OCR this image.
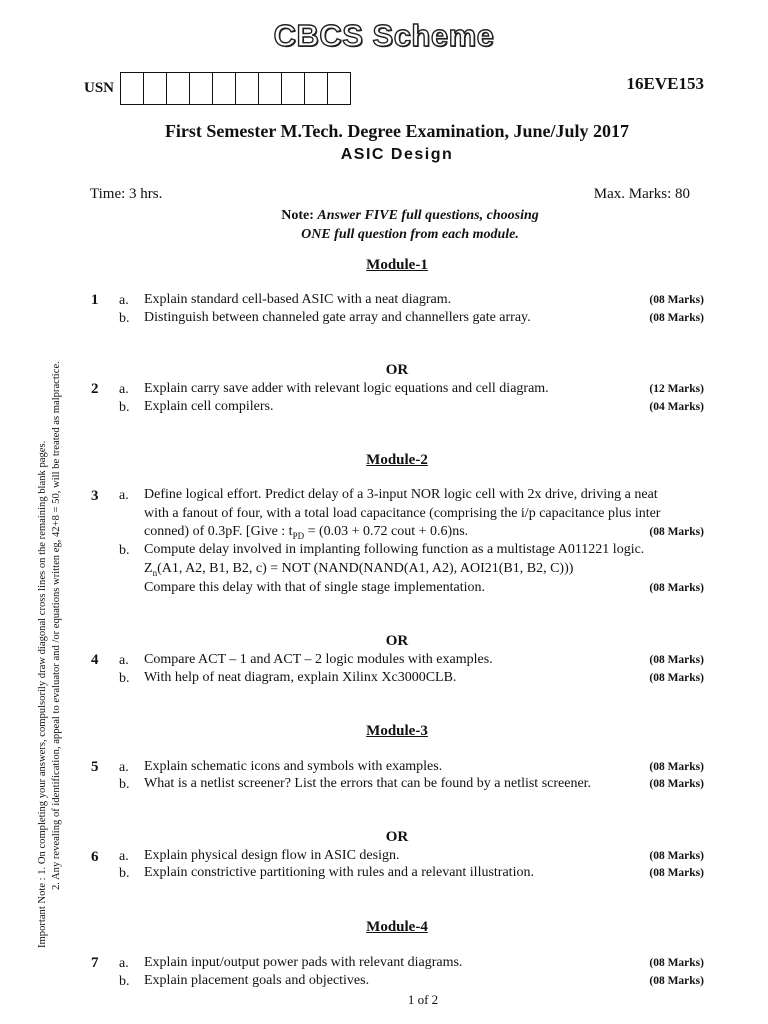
CBCS Scheme
USN	16EVE153
First Semester M.Tech. Degree Examination, June/July 2017
ASIC Design
Time: 3 hrs.	Max. Marks: 80
Note: Answer FIVE full questions, choosing
ONE full question from each module.
Important Note : 1. On completing your answers, compulsorily draw diagonal cross lines on the remaining blank pages. 2. Any revealing of identification, appeal to evaluator and /or equations written eg, 42+8 = 50, will be treated as malpractice.
Module-1
1 a. Explain standard cell-based ASIC with a neat diagram.	(08 Marks)
b. Distinguish between channeled gate array and channellers gate array.	(08 Marks)
OR
2 a. Explain carry save adder with relevant logic equations and cell diagram.	(12 Marks)
b. Explain cell compilers.	(04 Marks)
Module-2
3 a. Define logical effort. Predict delay of a 3-input NOR logic cell with 2x drive, driving a neat
with a fanout of four, with a total load capacitance (comprising the i/p capacitance plus inter
conned) of 0.3pF. [Give : $t_{PD} = (0.03 + 0.72$ cout + 0.6)ns.	(08 Marks)
b. Compute delay involved in implanting following function as a multistage A011221 logic.
$Z_n(A1$, A2, B1, B2, c) = NOT (NAND(NAND(A1, A2), AOI21(B1, B2, C)))
Compare this delay with that of single stage implementation.	(08 Marks)
OR
4 a. Compare ACT – 1 and ACT – 2 logic modules with examples.	(08 Marks)
b. With help of neat diagram, explain Xilinx Xc3000CLB.	(08 Marks)
Module-3
5 a. Explain schematic icons and symbols with examples.	(08 Marks)
b. What is a netlist screener? List the errors that can be found by a netlist screener.	(08 Marks)
OR
6 a. Explain physical design flow in ASIC design.	(08 Marks)
b. Explain constrictive partitioning with rules and a relevant illustration.	(08 Marks)
Module-4
7 a. Explain input/output power pads with relevant diagrams.	(08 Marks)
b. Explain placement goals and objectives.	(08 Marks)
1 of 2
